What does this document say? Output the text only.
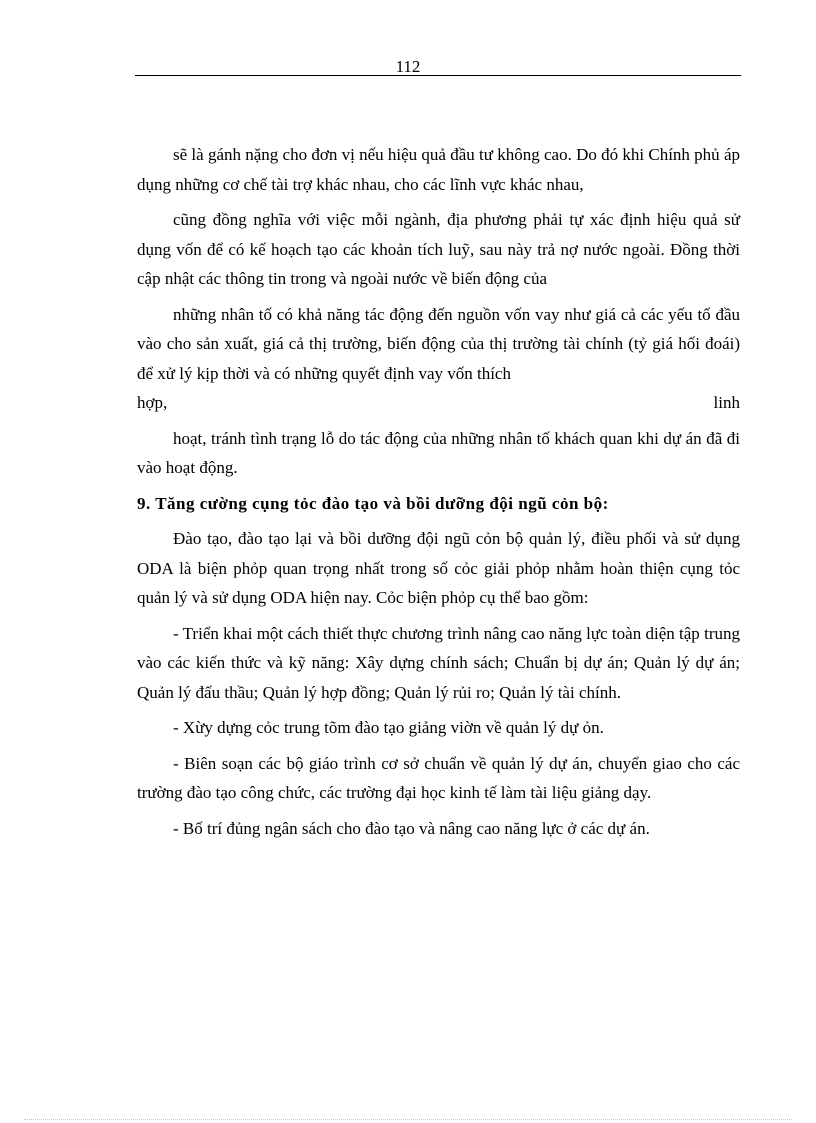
112

sẽ là gánh nặng cho đơn vị nếu hiệu quả đầu tư không cao. Do đó khi Chính phủ áp dụng những cơ chế tài trợ khác nhau, cho các lĩnh vực khác nhau,

cũng đồng nghĩa với việc mỗi ngành, địa phương phải tự xác định hiệu quả sử dụng vốn để có kế hoạch tạo các khoản tích luỹ, sau này trả nợ nước ngoài. Đồng thời cập nhật các thông tin trong và ngoài nước về biến động của

những nhân tố có khả năng tác động đến nguồn vốn vay như giá cả các yếu tố đầu vào cho sản xuất, giá cả thị trường, biến động của thị trường tài chính (tỷ giá hối đoái) để xử lý kịp thời và có những quyết định vay vốn thích

hợp,	linh

hoạt, tránh tình trạng lỗ do tác động của những nhân tố khách quan khi dự án đã đi vào hoạt động.

9. Tăng cường cụng tỏc đào tạo và bồi dưỡng đội ngũ cỏn bộ:

Đào tạo, đào tạo lại và bồi dưỡng đội ngũ cỏn bộ quản lý, điều phối và sử dụng ODA là biện phỏp quan trọng nhất trong số cỏc giải phỏp nhằm hoàn thiện cụng tỏc quản lý và sử dụng ODA hiện nay. Cỏc biện phỏp cụ thể bao gồm:

- Triển khai một cách thiết thực chương trình nâng cao năng lực toàn diện tập trung vào các kiến thức và kỹ năng: Xây dựng chính sách; Chuẩn bị dự án; Quản lý dự án; Quản lý đấu thầu; Quản lý hợp đồng; Quản lý rủi ro; Quản lý tài chính.

- Xừy dựng cỏc trung tõm đào tạo giảng viờn về quản lý dự ỏn.

- Biên soạn các bộ giáo trình cơ sở chuẩn về quản lý dự án, chuyển giao cho các trường đào tạo công chức, các trường đại học kinh tế làm tài liệu giảng dạy.

- Bố trí đủng ngân sách cho đào tạo và nâng cao năng lực ở các dự án.
